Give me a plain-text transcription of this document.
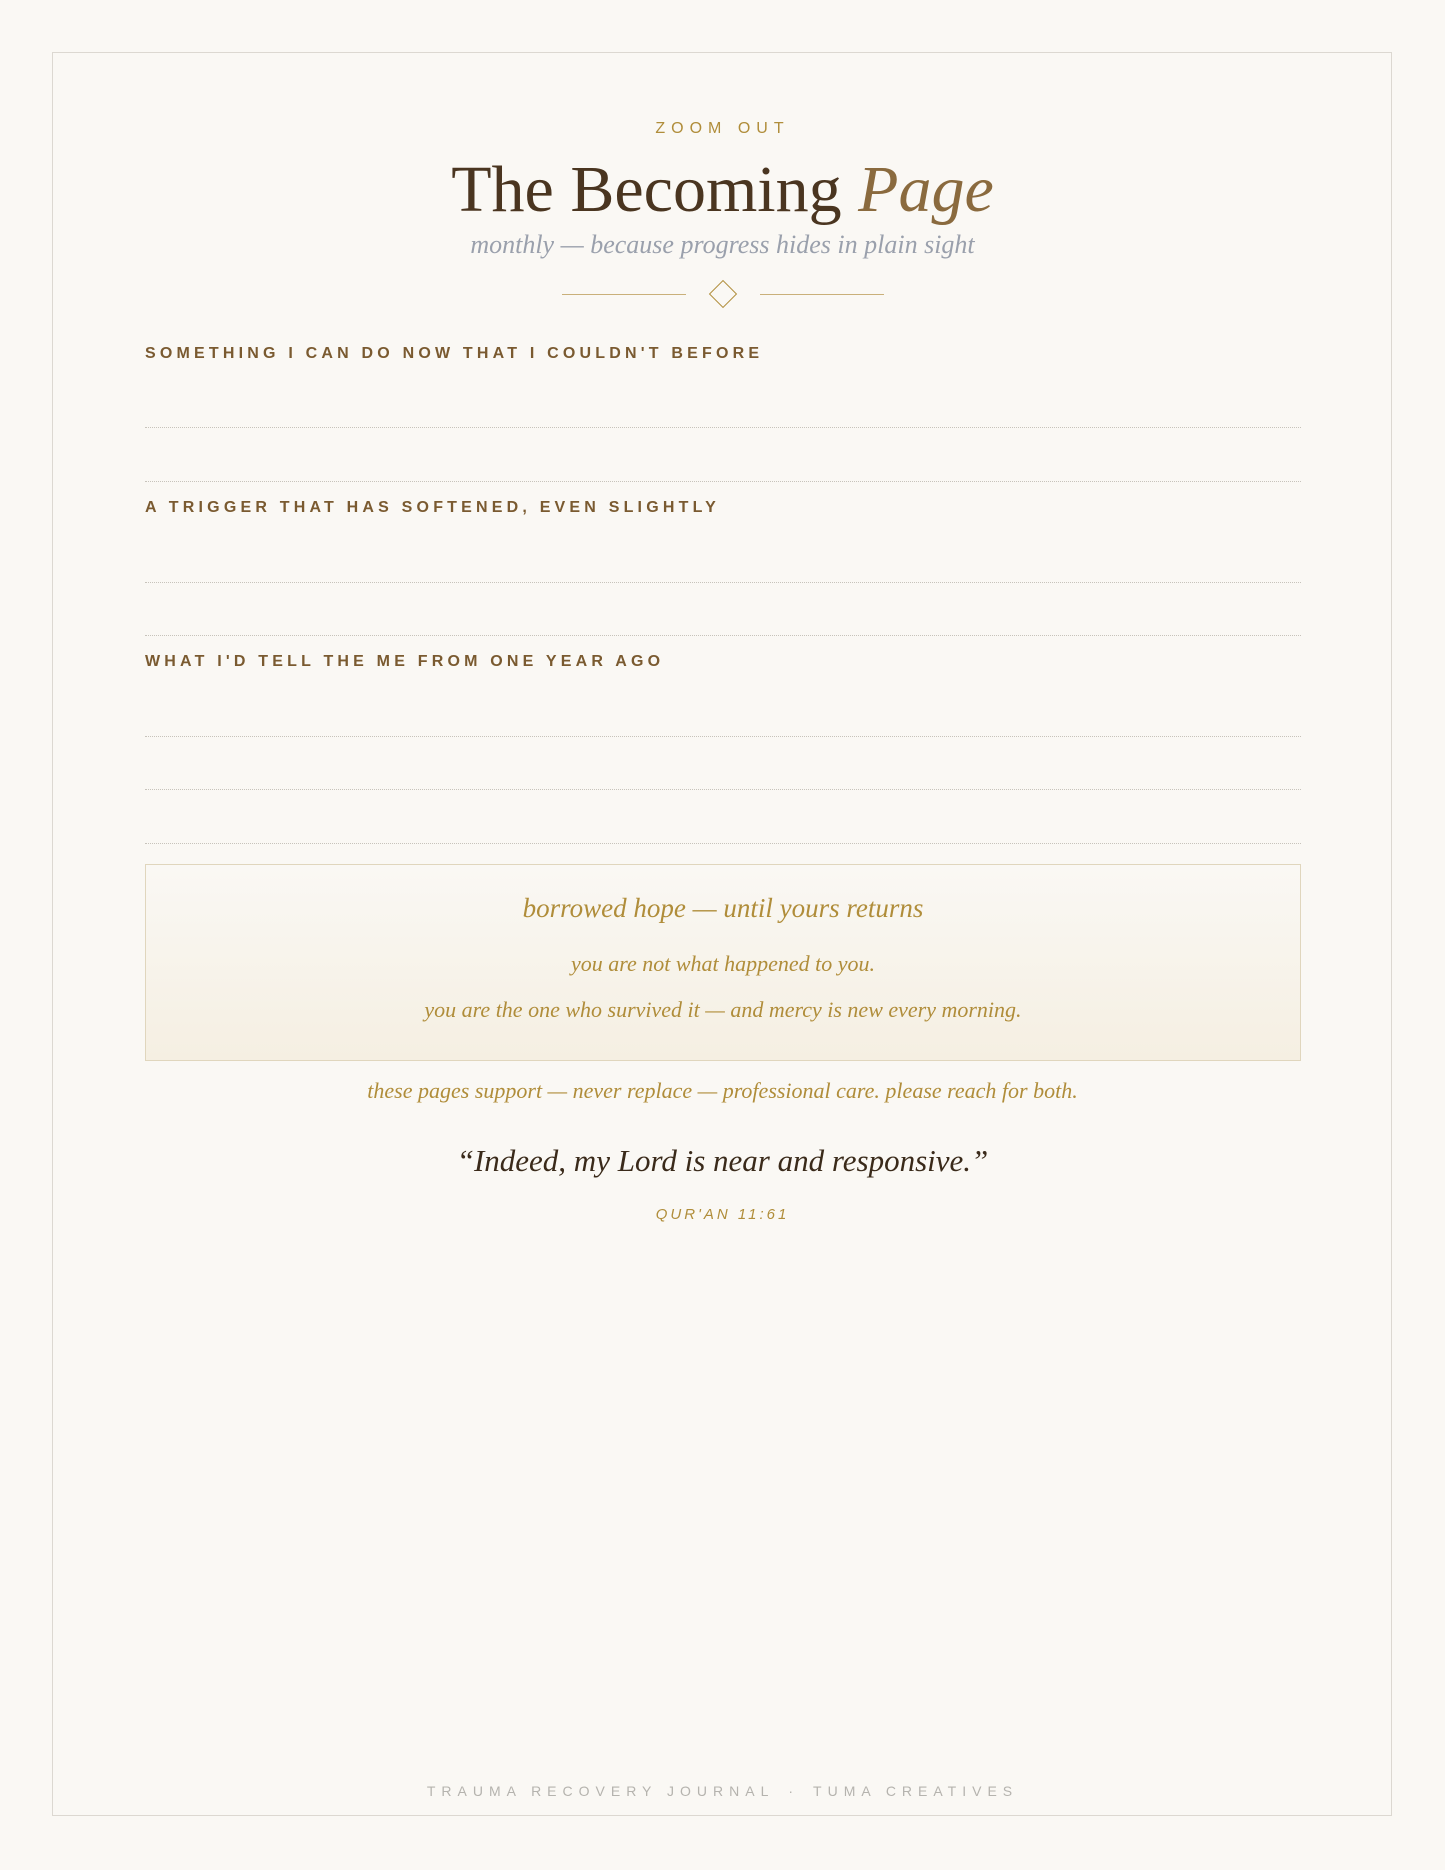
ZOOM OUT
The Becoming Page
monthly — because progress hides in plain sight
SOMETHING I CAN DO NOW THAT I COULDN'T BEFORE
A TRIGGER THAT HAS SOFTENED, EVEN SLIGHTLY
WHAT I'D TELL THE ME FROM ONE YEAR AGO
borrowed hope — until yours returns
you are not what happened to you.
you are the one who survived it — and mercy is new every morning.
these pages support — never replace — professional care. please reach for both.
“Indeed, my Lord is near and responsive.”
QUR'AN 11:61
TRAUMA RECOVERY JOURNAL · TUMA CREATIVES
